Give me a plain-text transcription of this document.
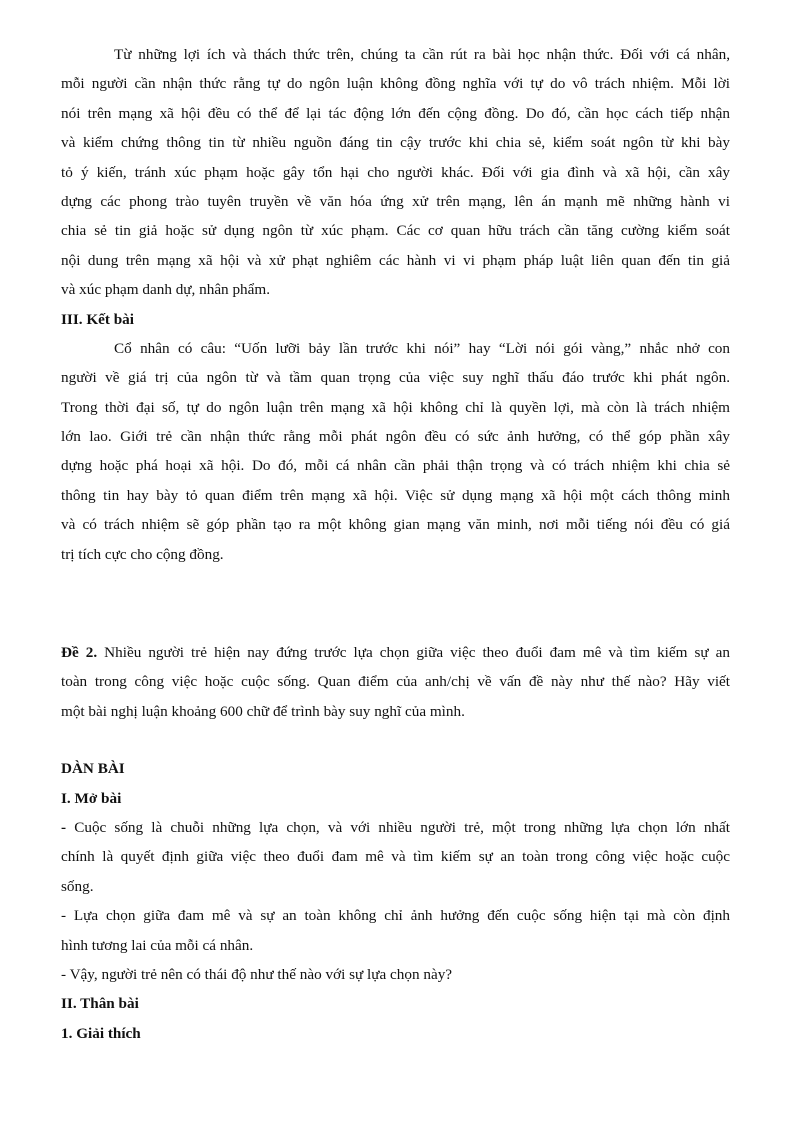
Từ những lợi ích và thách thức trên, chúng ta cần rút ra bài học nhận thức. Đối với cá nhân,
mỗi người cần nhận thức rằng tự do ngôn luận không đồng nghĩa với tự do vô trách nhiệm. Mỗi lời
nói trên mạng xã hội đều có thể để lại tác động lớn đến cộng đồng. Do đó, cần học cách tiếp nhận
và kiểm chứng thông tin từ nhiều nguồn đáng tin cậy trước khi chia sẻ, kiểm soát ngôn từ khi bày
tỏ ý kiến, tránh xúc phạm hoặc gây tổn hại cho người khác. Đối với gia đình và xã hội, cần xây
dựng các phong trào tuyên truyền về văn hóa ứng xử trên mạng, lên án mạnh mẽ những hành vi
chia sẻ tin giả hoặc sử dụng ngôn từ xúc phạm. Các cơ quan hữu trách cần tăng cường kiểm soát
nội dung trên mạng xã hội và xử phạt nghiêm các hành vi vi phạm pháp luật liên quan đến tin giả
và xúc phạm danh dự, nhân phẩm.
III. Kết bài
Cổ nhân có câu: “Uốn lưỡi bảy lần trước khi nói” hay “Lời nói gói vàng,” nhắc nhở con
người về giá trị của ngôn từ và tầm quan trọng của việc suy nghĩ thấu đáo trước khi phát ngôn.
Trong thời đại số, tự do ngôn luận trên mạng xã hội không chỉ là quyền lợi, mà còn là trách nhiệm
lớn lao. Giới trẻ cần nhận thức rằng mỗi phát ngôn đều có sức ảnh hưởng, có thể góp phần xây
dựng hoặc phá hoại xã hội. Do đó, mỗi cá nhân cần phải thận trọng và có trách nhiệm khi chia sẻ
thông tin hay bày tỏ quan điểm trên mạng xã hội. Việc sử dụng mạng xã hội một cách thông minh
và có trách nhiệm sẽ góp phần tạo ra một không gian mạng văn minh, nơi mỗi tiếng nói đều có giá
trị tích cực cho cộng đồng.
Đề 2. Nhiều người trẻ hiện nay đứng trước lựa chọn giữa việc theo đuổi đam mê và tìm kiếm sự an
toàn trong công việc hoặc cuộc sống. Quan điểm của anh/chị về vấn đề này như thế nào? Hãy viết
một bài nghị luận khoảng 600 chữ để trình bày suy nghĩ của mình.
DÀN BÀI
I. Mở bài
- Cuộc sống là chuỗi những lựa chọn, và với nhiều người trẻ, một trong những lựa chọn lớn nhất
chính là quyết định giữa việc theo đuổi đam mê và tìm kiếm sự an toàn trong công việc hoặc cuộc
sống.
- Lựa chọn giữa đam mê và sự an toàn không chỉ ảnh hưởng đến cuộc sống hiện tại mà còn định
hình tương lai của mỗi cá nhân.
- Vậy, người trẻ nên có thái độ như thế nào với sự lựa chọn này?
II. Thân bài
1. Giải thích
